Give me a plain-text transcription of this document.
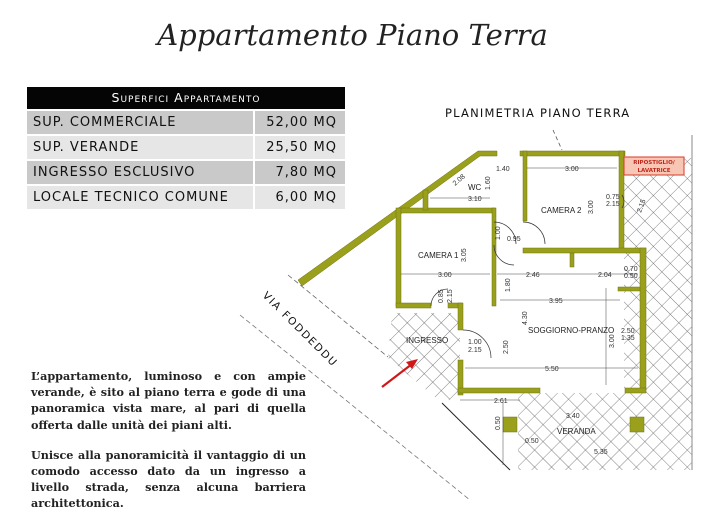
Appartamento Piano Terra
Superfici Appartamento
SUP. COMMERCIALE	52,00 MQ
SUP. VERANDE	25,50 MQ
INGRESSO ESCLUSIVO	7,80 MQ
LOCALE TECNICO COMUNE	6,00 MQ
PLANIMETRIA PIANO TERRA
RIPOSTIGLIO/
LAVATRICE
WC
CAMERA 1
CAMERA 2
INGRESSO
SOGGIORNO-PRANZO
VERANDA
1.40	3.00
2.08	1.60
3.10
0.95
1.00
3.05
3.00	2.46	2.04
3.95
4.30
1.80
2.50
5.50
3.00
2.61
3.40
0.50
0.50
5.35
2.15
1.00
2.15
0.85 2.15
0.75
2.15
3.00
0.70
0.50
2.50
1.35
VIA FODDEDDU

L’appartamento, luminoso e con ampie verande, è sito al piano terra e gode di una panoramica vista mare, al pari di quella offerta dalle unità dei piani alti.

Unisce alla panoramicità il vantaggio di un comodo accesso dato da un ingresso a livello strada, senza alcuna barriera architettonica.
